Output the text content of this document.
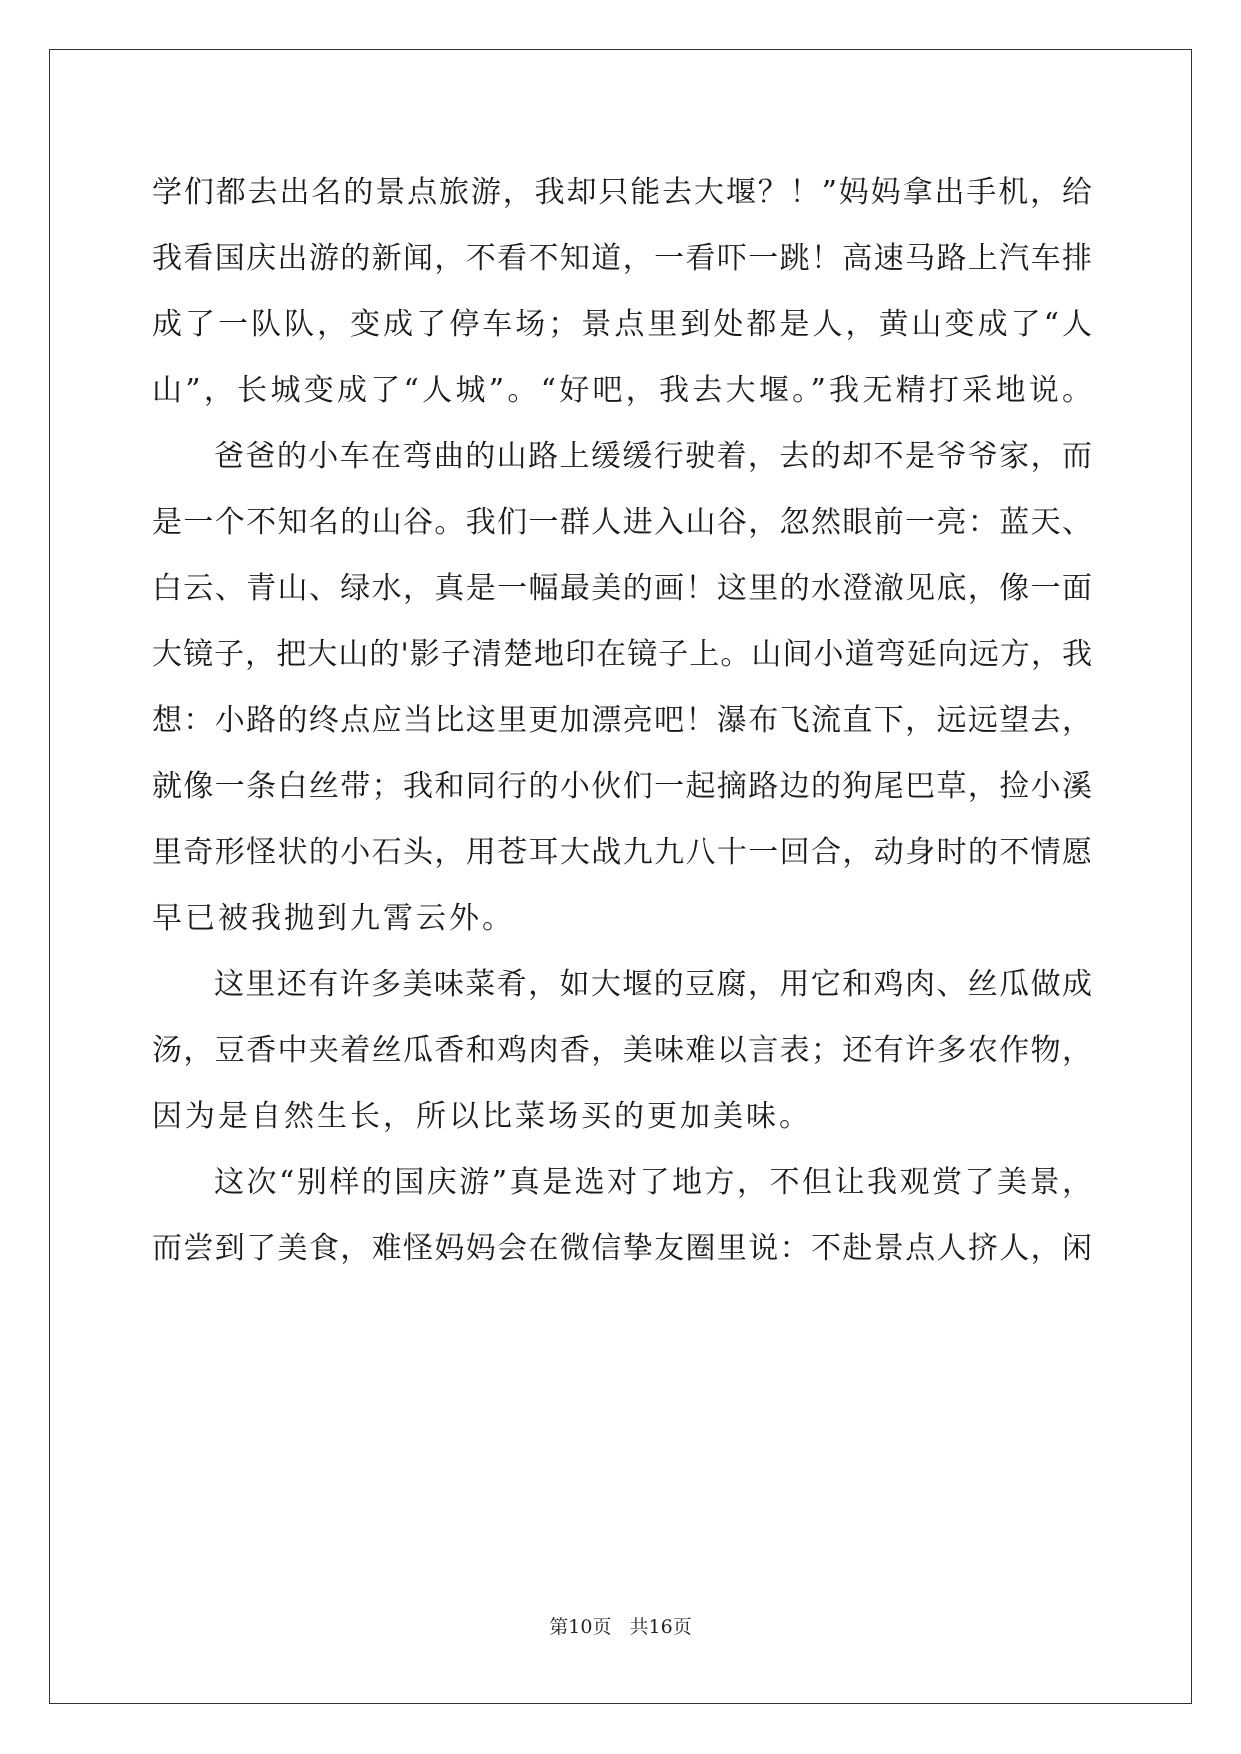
学们都去出名的景点旅游，我却只能去大堰？！”妈妈拿出手机，给
我看国庆出游的新闻，不看不知道，一看吓一跳！高速马路上汽车排
成了一队队，变成了停车场；景点里到处都是人，黄山变成了“人
山”，长城变成了“人城”。“好吧，我去大堰。”我无精打采地说。
爸爸的小车在弯曲的山路上缓缓行驶着，去的却不是爷爷家，而
是一个不知名的山谷。我们一群人进入山谷，忽然眼前一亮：蓝天、
白云、青山、绿水，真是一幅最美的画！这里的水澄澈见底，像一面
大镜子，把大山的'影子清楚地印在镜子上。山间小道弯延向远方，我
想：小路的终点应当比这里更加漂亮吧！瀑布飞流直下，远远望去，
就像一条白丝带；我和同行的小伙们一起摘路边的狗尾巴草，捡小溪
里奇形怪状的小石头，用苍耳大战九九八十一回合，动身时的不情愿
早已被我抛到九霄云外。
这里还有许多美味菜肴，如大堰的豆腐，用它和鸡肉、丝瓜做成
汤，豆香中夹着丝瓜香和鸡肉香，美味难以言表；还有许多农作物，
因为是自然生长，所以比菜场买的更加美味。
这次“别样的国庆游”真是选对了地方，不但让我观赏了美景，
而尝到了美食，难怪妈妈会在微信挚友圈里说：不赴景点人挤人，闲
第10页 共16页
